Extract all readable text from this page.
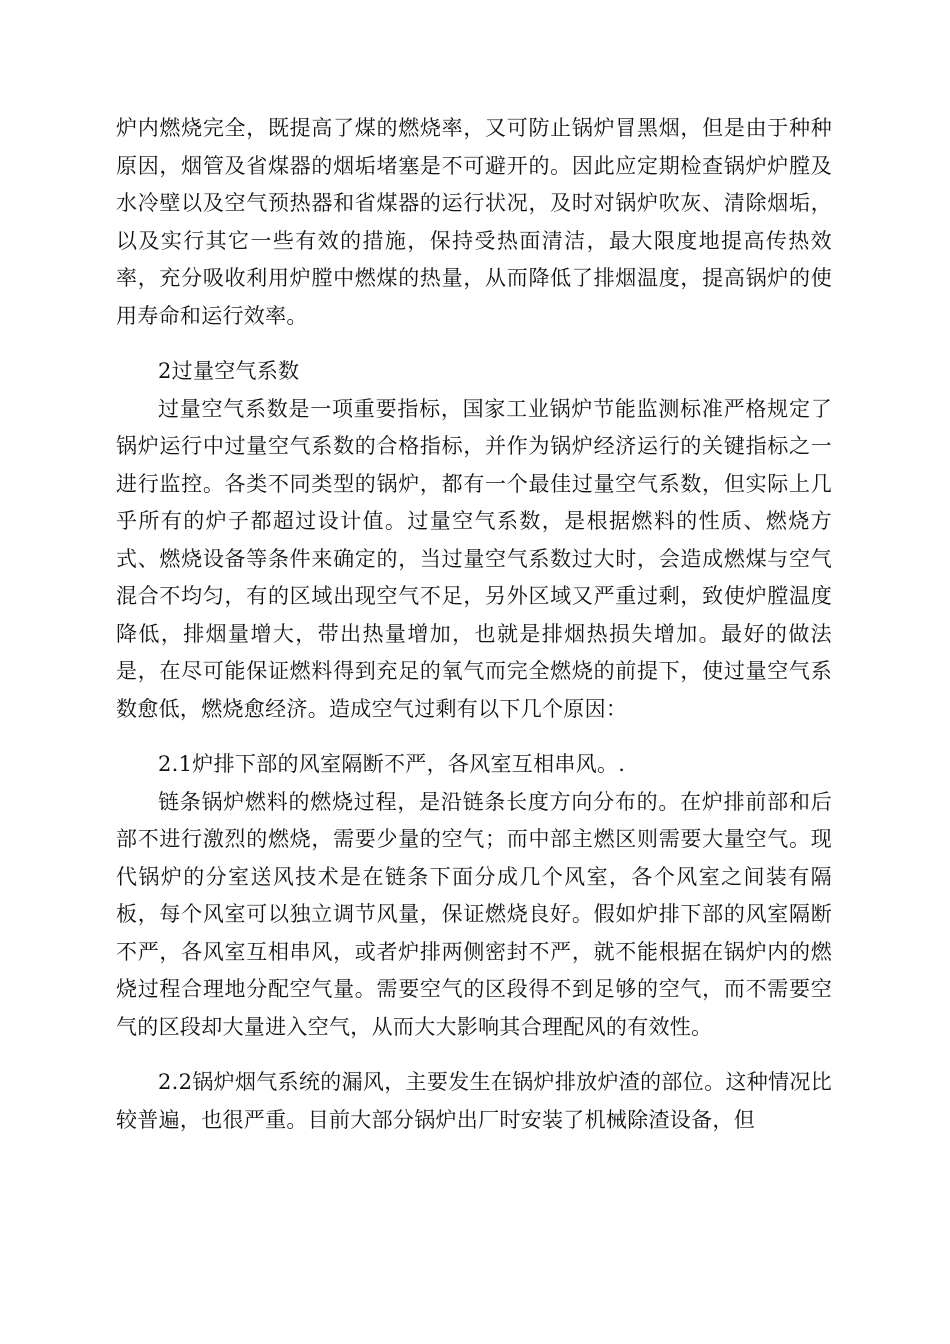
炉内燃烧完全，既提高了煤的燃烧率，又可防止锅炉冒黑烟，但是由于种种原因，烟管及省煤器的烟垢堵塞是不可避开的。因此应定期检查锅炉炉膛及水冷壁以及空气预热器和省煤器的运行状况，及时对锅炉吹灰、清除烟垢，以及实行其它一些有效的措施，保持受热面清洁，最大限度地提高传热效率，充分吸收利用炉膛中燃煤的热量，从而降低了排烟温度，提高锅炉的使用寿命和运行效率。

2过量空气系数

过量空气系数是一项重要指标，国家工业锅炉节能监测标准严格规定了锅炉运行中过量空气系数的合格指标，并作为锅炉经济运行的关键指标之一进行监控。各类不同类型的锅炉，都有一个最佳过量空气系数，但实际上几乎所有的炉子都超过设计值。过量空气系数，是根据燃料的性质、燃烧方式、燃烧设备等条件来确定的，当过量空气系数过大时，会造成燃煤与空气混合不均匀，有的区域出现空气不足，另外区域又严重过剩，致使炉膛温度降低，排烟量增大，带出热量增加，也就是排烟热损失增加。最好的做法是，在尽可能保证燃料得到充足的氧气而完全燃烧的前提下，使过量空气系数愈低，燃烧愈经济。造成空气过剩有以下几个原因：

2.1炉排下部的风室隔断不严，各风室互相串风。.

链条锅炉燃料的燃烧过程，是沿链条长度方向分布的。在炉排前部和后部不进行激烈的燃烧，需要少量的空气；而中部主燃区则需要大量空气。现代锅炉的分室送风技术是在链条下面分成几个风室，各个风室之间装有隔板，每个风室可以独立调节风量，保证燃烧良好。假如炉排下部的风室隔断不严，各风室互相串风，或者炉排两侧密封不严，就不能根据在锅炉内的燃烧过程合理地分配空气量。需要空气的区段得不到足够的空气，而不需要空气的区段却大量进入空气，从而大大影响其合理配风的有效性。

2.2锅炉烟气系统的漏风，主要发生在锅炉排放炉渣的部位。这种情况比较普遍，也很严重。目前大部分锅炉出厂时安装了机械除渣设备，但
